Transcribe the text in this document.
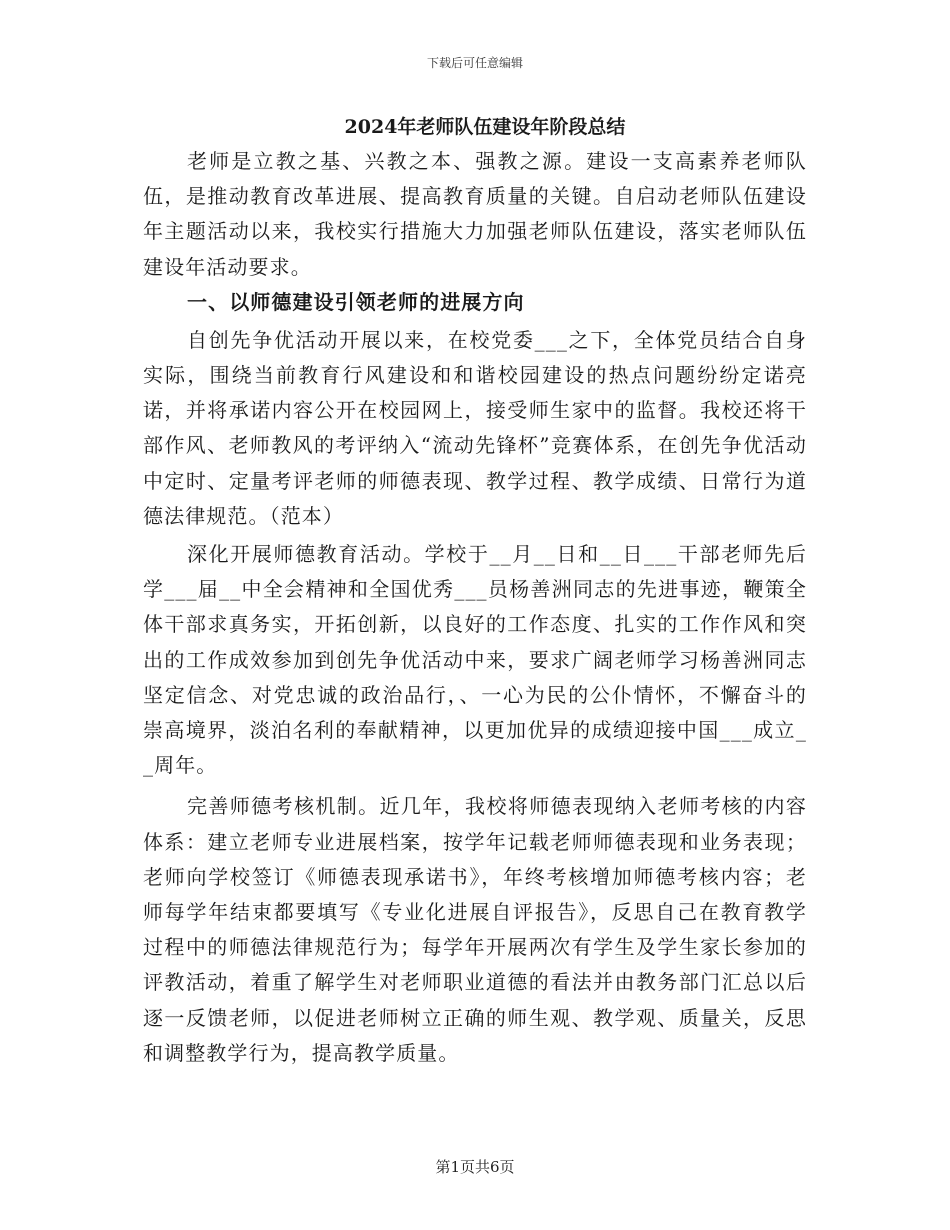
下载后可任意编辑
2024年老师队伍建设年阶段总结

老师是立教之基、兴教之本、强教之源。建设一支高素养老师队伍，是推动教育改革进展、提高教育质量的关键。自启动老师队伍建设年主题活动以来，我校实行措施大力加强老师队伍建设，落实老师队伍建设年活动要求。

一、以师德建设引领老师的进展方向

自创先争优活动开展以来，在校党委___之下，全体党员结合自身实际，围绕当前教育行风建设和和谐校园建设的热点问题纷纷定诺亮诺，并将承诺内容公开在校园网上，接受师生家中的监督。我校还将干部作风、老师教风的考评纳入“流动先锋杯”竞赛体系，在创先争优活动中定时、定量考评老师的师德表现、教学过程、教学成绩、日常行为道德法律规范。（范本）

深化开展师德教育活动。学校于__月__日和__日___干部老师先后学___届__中全会精神和全国优秀___员杨善洲同志的先进事迹，鞭策全体干部求真务实，开拓创新，以良好的工作态度、扎实的工作作风和突出的工作成效参加到创先争优活动中来，要求广阔老师学习杨善洲同志坚定信念、对党忠诚的政治品行，、一心为民的公仆情怀，不懈奋斗的崇高境界，淡泊名利的奉献精神，以更加优异的成绩迎接中国___成立__周年。

完善师德考核机制。近几年，我校将师德表现纳入老师考核的内容体系：建立老师专业进展档案，按学年记载老师师德表现和业务表现；老师向学校签订《师德表现承诺书》，年终考核增加师德考核内容；老师每学年结束都要填写《专业化进展自评报告》，反思自己在教育教学过程中的师德法律规范行为；每学年开展两次有学生及学生家长参加的评教活动，着重了解学生对老师职业道德的看法并由教务部门汇总以后逐一反馈老师，以促进老师树立正确的师生观、教学观、质量关，反思和调整教学行为，提高教学质量。

第1页共6页
